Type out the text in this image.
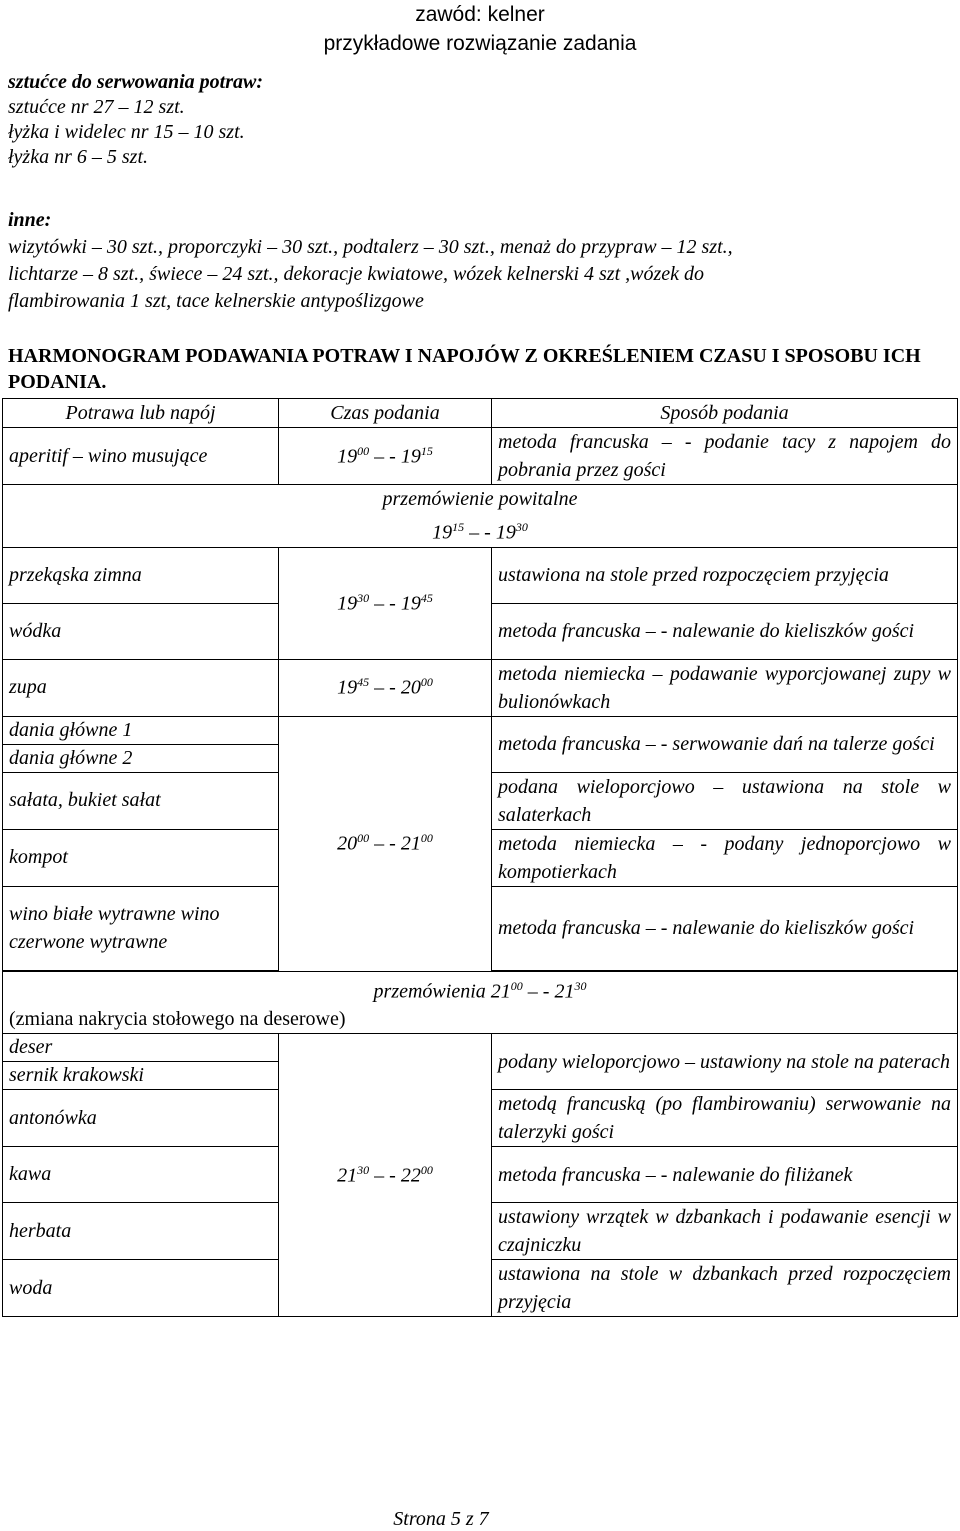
zawód: kelner
przykładowe rozwiązanie zadania
sztućce do serwowania potraw:
sztućce nr 27 – 12 szt.
łyżka i widelec nr 15 – 10 szt.
łyżka nr 6 – 5 szt.
inne:
wizytówki – 30 szt., proporczyki – 30 szt., podtalerz – 30 szt., menaż do przypraw – 12 szt.,
lichtarze – 8 szt., świece – 24 szt., dekoracje kwiatowe, wózek kelnerski 4 szt ,wózek do
flambirowania 1 szt, tace kelnerskie antypoślizgowe
HARMONOGRAM PODAWANIA POTRAW I NAPOJÓW Z OKREŚLENIEM CZASU I SPOSOBU ICH PODANIA.
Potrawa lub napój	Czas podania	Sposób podania
aperitif – wino musujące	$19^{00}$ – - $19^{15}$	metoda francuska – - podanie tacy z napojem do pobrania przez gości

przemówienie powitalne
$19^{15}$ – - $19^{30}$

przekąska zimna	$19^{30}$ – - $19^{45}$	ustawiona na stole przed rozpoczęciem przyjęcia
wódka		metoda francuska – - nalewanie do kieliszków gości
zupa	$19^{45}$ – - $20^{00}$	metoda niemiecka – podawanie wyporcjowanej zupy w bulionówkach
dania główne 1	$20^{00}$ – - $21^{00}$	metoda francuska – - serwowanie dań na talerze gości
dania główne 2		
sałata, bukiet sałat		podana wieloporcjowo – ustawiona na stole w salaterkach
kompot		metoda niemiecka – - podany jednoporcjowo w kompotierkach
wino białe wytrawne wino czerwone wytrawne		metoda francuska – - nalewanie do kieliszków gości

przemówienia $21^{00}$ – - $21^{30}$
(zmiana nakrycia stołowego na deserowe)		

deser	$21^{30}$ – - $22^{00}$	podany wieloporcjowo – ustawiony na stole na paterach
sernik krakowski		
antonówka		metodą francuską (po flambirowaniu) serwowanie na talerzyki gości
kawa		metoda francuska – - nalewanie do filiżanek
herbata		ustawiony wrzątek w dzbankach i podawanie esencji w czajniczku
woda		ustawiona na stole w dzbankach przed rozpoczęciem przyjęcia
Strona 5 z 7
